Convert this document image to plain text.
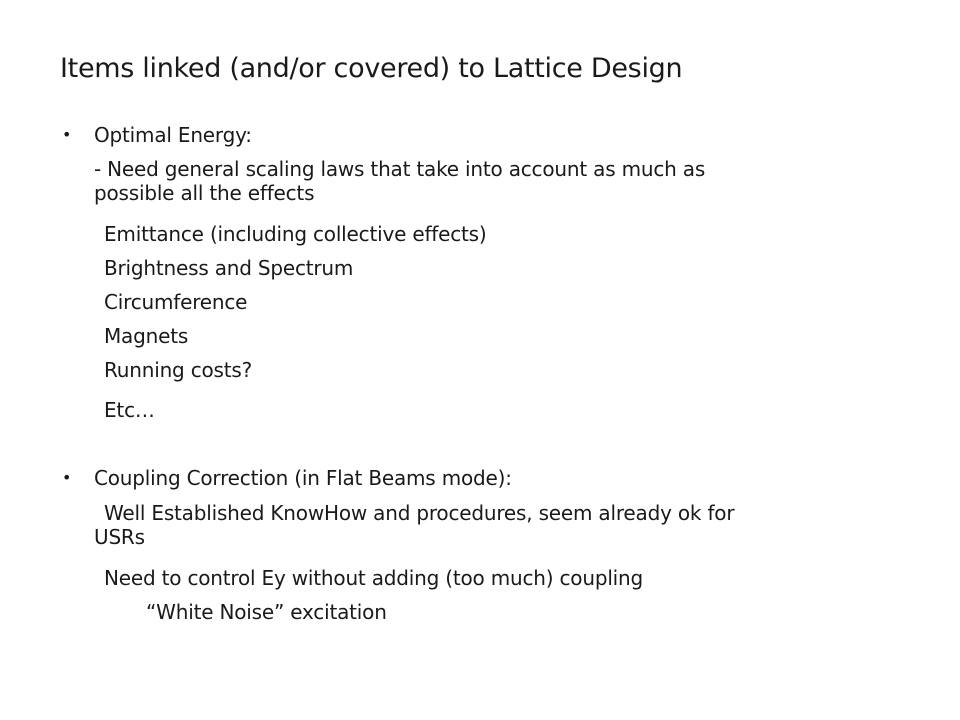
Items linked (and/or covered) to Lattice Design
• Optimal Energy:
- Need general scaling laws that take into account as much as
possible all the effects
Emittance (including collective effects)
Brightness and Spectrum
Circumference
Magnets
Running costs?
Etc…
• Coupling Correction (in Flat Beams mode):
Well Established KnowHow and procedures, seem already ok for
USRs
Need to control Ey without adding (too much) coupling
“White Noise” excitation
